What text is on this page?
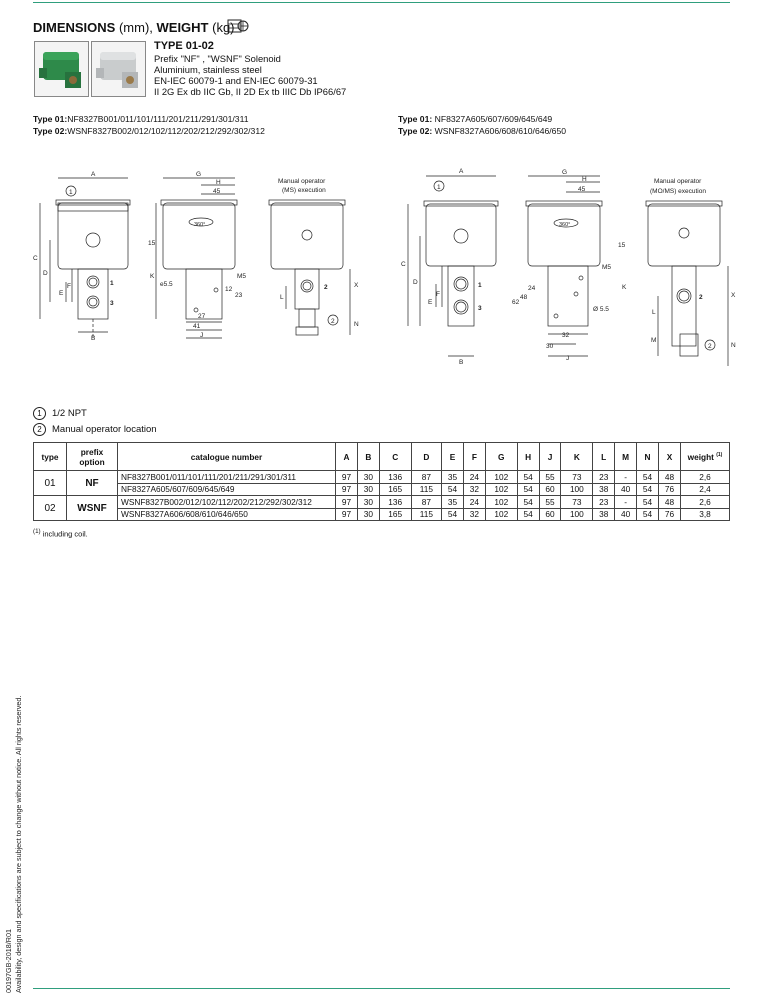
DIMENSIONS (mm), WEIGHT (kg)
TYPE 01-02
Prefix "NF" , "WSNF" Solenoid
Aluminium, stainless steel
EN-IEC 60079-1 and EN-IEC 60079-31
II 2G Ex db IIC Gb, II 2D Ex tb IIIC Db IP66/67
Type 01:NF8327B001/011/101/111/201/211/291/301/311
Type 02:WSNF8327B002/012/102/112/202/212/292/302/312
Type 01: NF8327A605/607/609/645/649
Type 02: WSNF8327A606/608/610/646/650
A
B
C
D
E
F
G
H
45
15
K	M5
e5.5
12
23
27
41
J
360°
Manual operator
(MS) execution
L
X
N
1
3
2
1
2
A
B
C
D
E
F
G
H
45
15
M5
K
24
48
62
Ø 5.5
32
30
J
360°
Manual operator
(MO/MS) execution
L
M
X
N
1
3
2
1
2
1	1/2 NPT
2	Manual operator location
type	prefix
option	catalogue number	A	B	C	D	E	F	G	H	J	K	L	M	N	X	weight $^{(1)}$
01	NF	NF8327B001/011/101/111/201/211/291/301/311	97	30	136	87	35	24	102	54	55	73	23	-	54	48	2,6
		NF8327A605/607/609/645/649	97	30	165	115	54	32	102	54	60	100	38	40	54	76	2,4
02	WSNF	WSNF8327B002/012/102/112/202/212/292/302/312	97	30	136	87	35	24	102	54	55	73	23	-	54	48	2,6
		WSNF8327A606/608/610/646/650	97	30	165	115	54	32	102	54	60	100	38	40	54	76	3,8
$^{(1)}$ including coil.
00197GB-2018/R01 Availability, design and specifications are subject to change without notice. All rights reserved.
